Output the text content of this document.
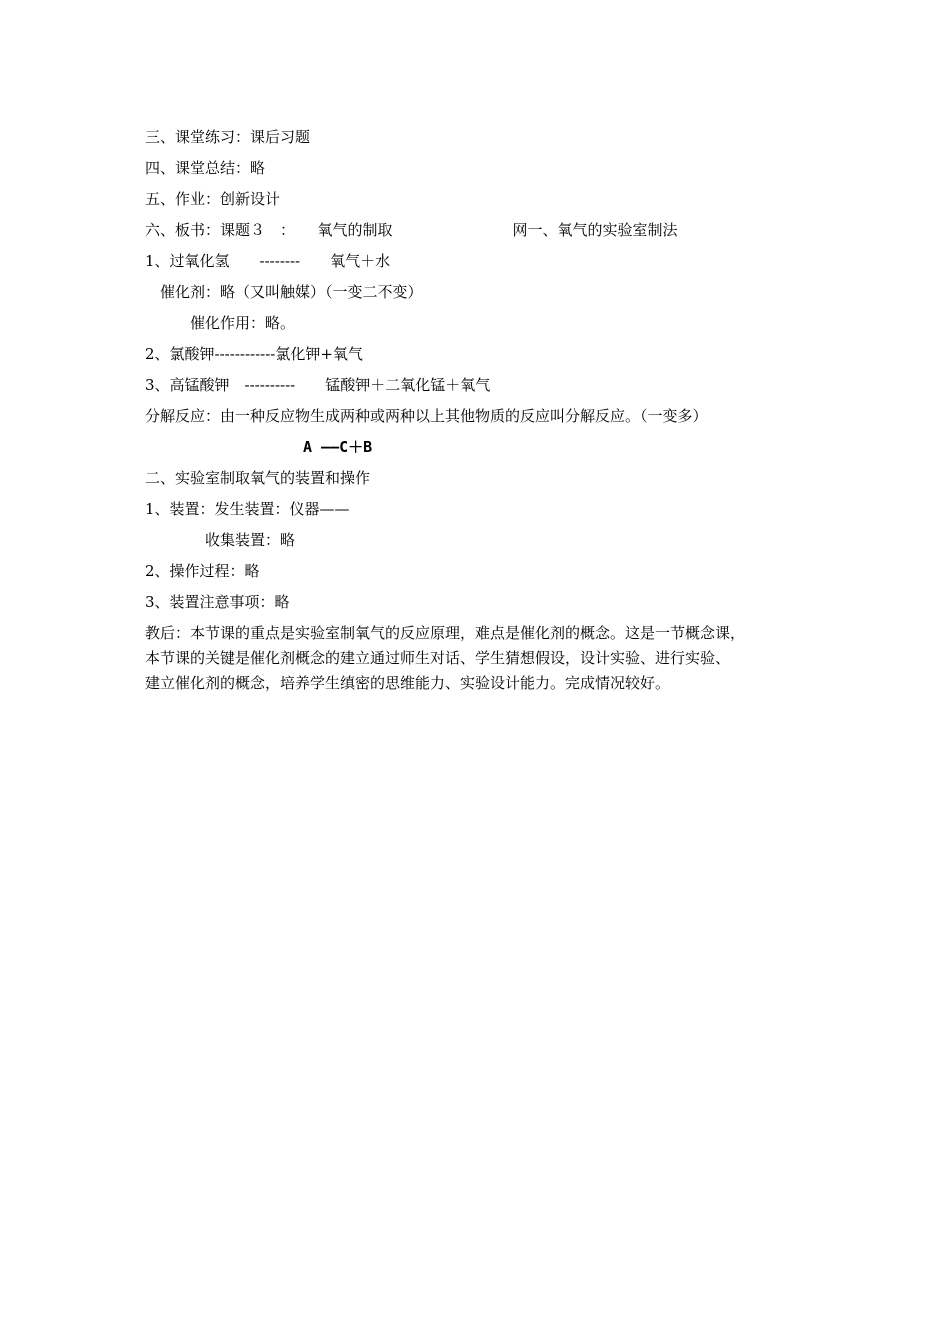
三、课堂练习：课后习题
四、课堂总结：略
五、作业：创新设计
六、板书：课题３　：　　氧气的制取　　　　　　　　网一、氧气的实验室制法
1、过氧化氢　　--------　　氧气＋水
　催化剂：略（又叫触媒）（一变二不变）
　　　催化作用：略。
2、氯酸钾------------氯化钾+氧气
3、高锰酸钾　----------　　锰酸钾＋二氧化锰＋氧气
分解反应：由一种反应物生成两种或两种以上其他物质的反应叫分解反应。（一变多）
A ——C＋B
二、实验室制取氧气的装置和操作
1、装置：发生装置：仪器——
　　　　收集装置：略
2、操作过程：略
3、装置注意事项：略
教后：本节课的重点是实验室制氧气的反应原理，难点是催化剂的概念。这是一节概念课，
本节课的关键是催化剂概念的建立通过师生对话、学生猜想假设，设计实验、进行实验、
建立催化剂的概念，培养学生缜密的思维能力、实验设计能力。完成情况较好。
